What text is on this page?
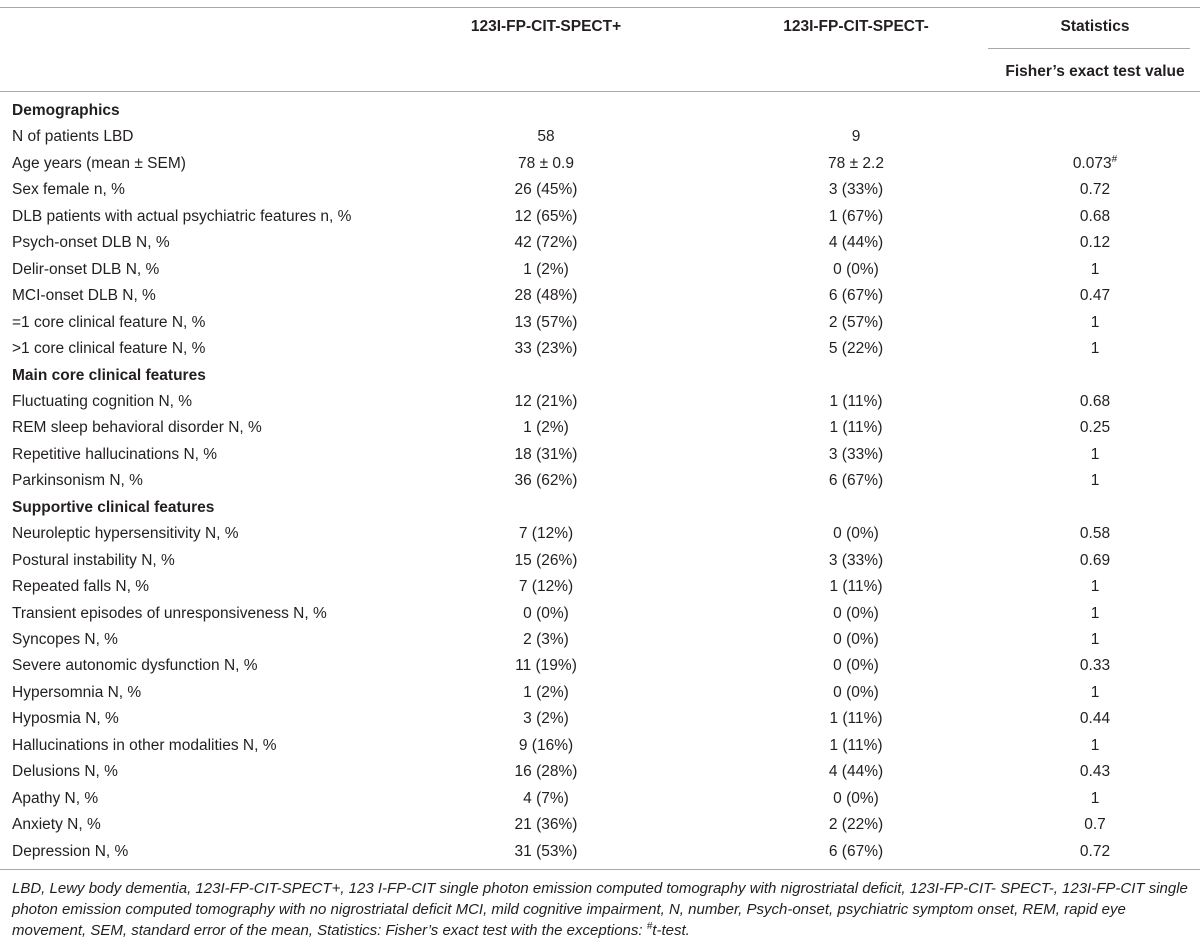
123I-FP-CIT-SPECT+	123I-FP-CIT-SPECT-	Statistics
Fisher’s exact test value
Demographics
N of patients LBD	58	9
Age years (mean ± SEM)	78 ± 0.9	78 ± 2.2	0.073#
Sex female n, %	26 (45%)	3 (33%)	0.72
DLB patients with actual psychiatric features n, %	12 (65%)	1 (67%)	0.68
Psych-onset DLB N, %	42 (72%)	4 (44%)	0.12
Delir-onset DLB N, %	1 (2%)	0 (0%)	1
MCI-onset DLB N, %	28 (48%)	6 (67%)	0.47
=1 core clinical feature N, %	13 (57%)	2 (57%)	1
>1 core clinical feature N, %	33 (23%)	5 (22%)	1
Main core clinical features
Fluctuating cognition N, %	12 (21%)	1 (11%)	0.68
REM sleep behavioral disorder N, %	1 (2%)	1 (11%)	0.25
Repetitive hallucinations N, %	18 (31%)	3 (33%)	1
Parkinsonism N, %	36 (62%)	6 (67%)	1
Supportive clinical features
Neuroleptic hypersensitivity N, %	7 (12%)	0 (0%)	0.58
Postural instability N, %	15 (26%)	3 (33%)	0.69
Repeated falls N, %	7 (12%)	1 (11%)	1
Transient episodes of unresponsiveness N, %	0 (0%)	0 (0%)	1
Syncopes N, %	2 (3%)	0 (0%)	1
Severe autonomic dysfunction N, %	11 (19%)	0 (0%)	0.33
Hypersomnia N, %	1 (2%)	0 (0%)	1
Hyposmia N, %	3 (2%)	1 (11%)	0.44
Hallucinations in other modalities N, %	9 (16%)	1 (11%)	1
Delusions N, %	16 (28%)	4 (44%)	0.43
Apathy N, %	4 (7%)	0 (0%)	1
Anxiety N, %	21 (36%)	2 (22%)	0.7
Depression N, %	31 (53%)	6 (67%)	0.72
LBD, Lewy body dementia, 123I-FP-CIT-SPECT+, 123 I-FP-CIT single photon emission computed tomography with nigrostriatal deficit, 123I-FP-CIT- SPECT-, 123I-FP-CIT single photon emission computed tomography with no nigrostriatal deficit MCI, mild cognitive impairment, N, number, Psych-onset, psychiatric symptom onset, REM, rapid eye movement, SEM, standard error of the mean, Statistics: Fisher’s exact test with the exceptions: #t-test.
